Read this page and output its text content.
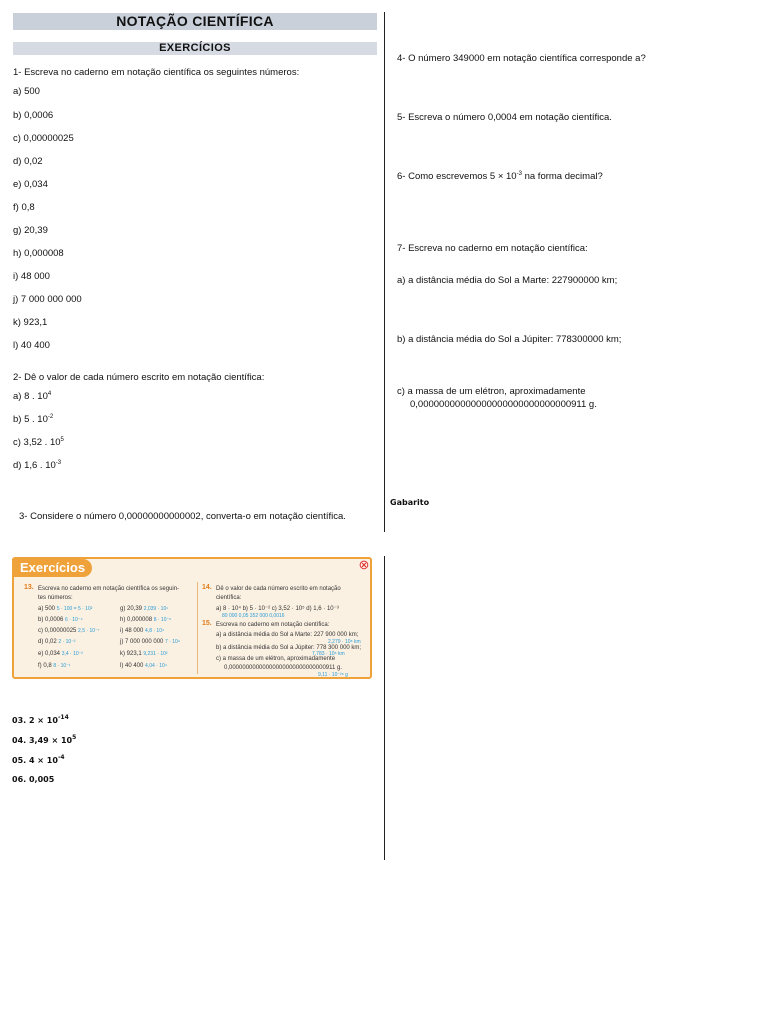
NOTAÇÃO CIENTÍFICA
EXERCÍCIOS
1- Escreva no caderno em notação científica os seguintes números:
a) 500
b) 0,0006
c) 0,00000025
d) 0,02
e) 0,034
f) 0,8
g) 20,39
h) 0,000008
i) 48 000
j) 7 000 000 000
k) 923,1
l) 40 400
2- Dê o valor de cada número escrito em notação científica:
a) 8 . $10^4$
b) 5 . $10^{-2}$
c) 3,52 . $10^5$
d) 1,6 . $10^{-3}$
3- Considere o número 0,00000000000002, converta-o em notação científica.
4- O número 349000 em notação científica corresponde a?
5- Escreva o número 0,0004 em notação científica.
6- Como escrevemos $5 \times 10^{-3}$ na forma decimal?
7- Escreva no caderno em notação científica:
a) a distância média do Sol a Marte: 227900000 km;
b) a distância média do Sol a Júpiter: 778300000 km;
c) a massa de um elétron, aproximadamente
0,00000000000000000000000000000911 g.
Gabarito
Exercícios	⊗
13. Escreva no caderno em notação científica os seguin-
tes números:
a) 500 5 · 100 = 5 · 10²
b) 0,0006 6 · 10⁻⁴
c) 0,00000025 2,5 · 10⁻⁷
d) 0,02 2 · 10⁻²
e) 0,034 3,4 · 10⁻²
f) 0,8 8 · 10⁻¹
g) 20,39 2,039 · 10¹
h) 0,000008 8 · 10⁻⁶
i) 48 000 4,8 · 10⁴
j) 7 000 000 000 7 · 10⁹
k) 923,1 9,231 · 10²
l) 40 400 4,04 · 10⁴
14. Dê o valor de cada número escrito em notação
científica:
a) 8 · 10⁴ b) 5 · 10⁻² c) 3,52 · 10⁵ d) 1,6 · 10⁻³
80 000 0,05 352 000 0,0016
15. Escreva no caderno em notação científica:
a) a distância média do Sol a Marte: 227 900 000 km;
2,279 · 10⁸ km
b) a distância média do Sol a Júpiter: 778 300 000 km;
7,783 · 10⁸ km
c) a massa de um elétron, aproximadamente
0,00000000000000000000000000000911 g.
9,11 · 10⁻²⁸ g
03. $2 \times 10^{-14}$
04. $3,49 \times 10^5$
05. $4 \times 10^{-4}$
06. 0,005
